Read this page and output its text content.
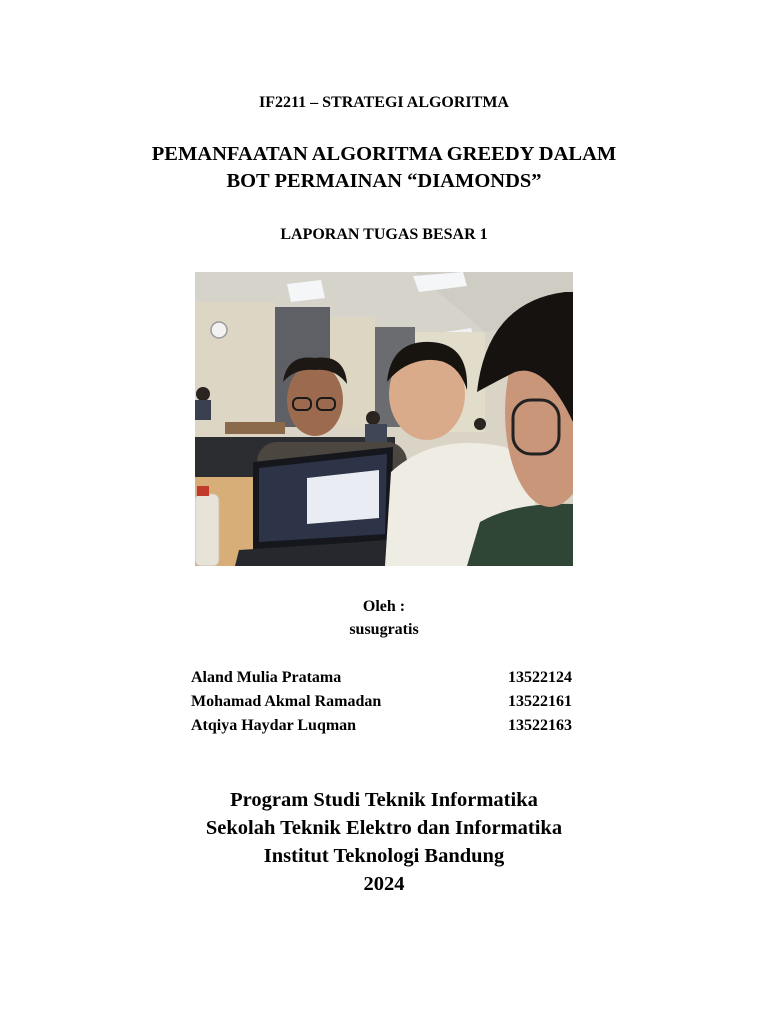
IF2211 – STRATEGI ALGORITMA
PEMANFAATAN ALGORITMA GREEDY DALAM
BOT PERMAINAN “DIAMONDS”
LAPORAN TUGAS BESAR 1
Oleh :
susugratis
Aland Mulia Pratama	13522124
Mohamad Akmal Ramadan	13522161
Atqiya Haydar Luqman	13522163
Program Studi Teknik Informatika
Sekolah Teknik Elektro dan Informatika
Institut Teknologi Bandung
2024
